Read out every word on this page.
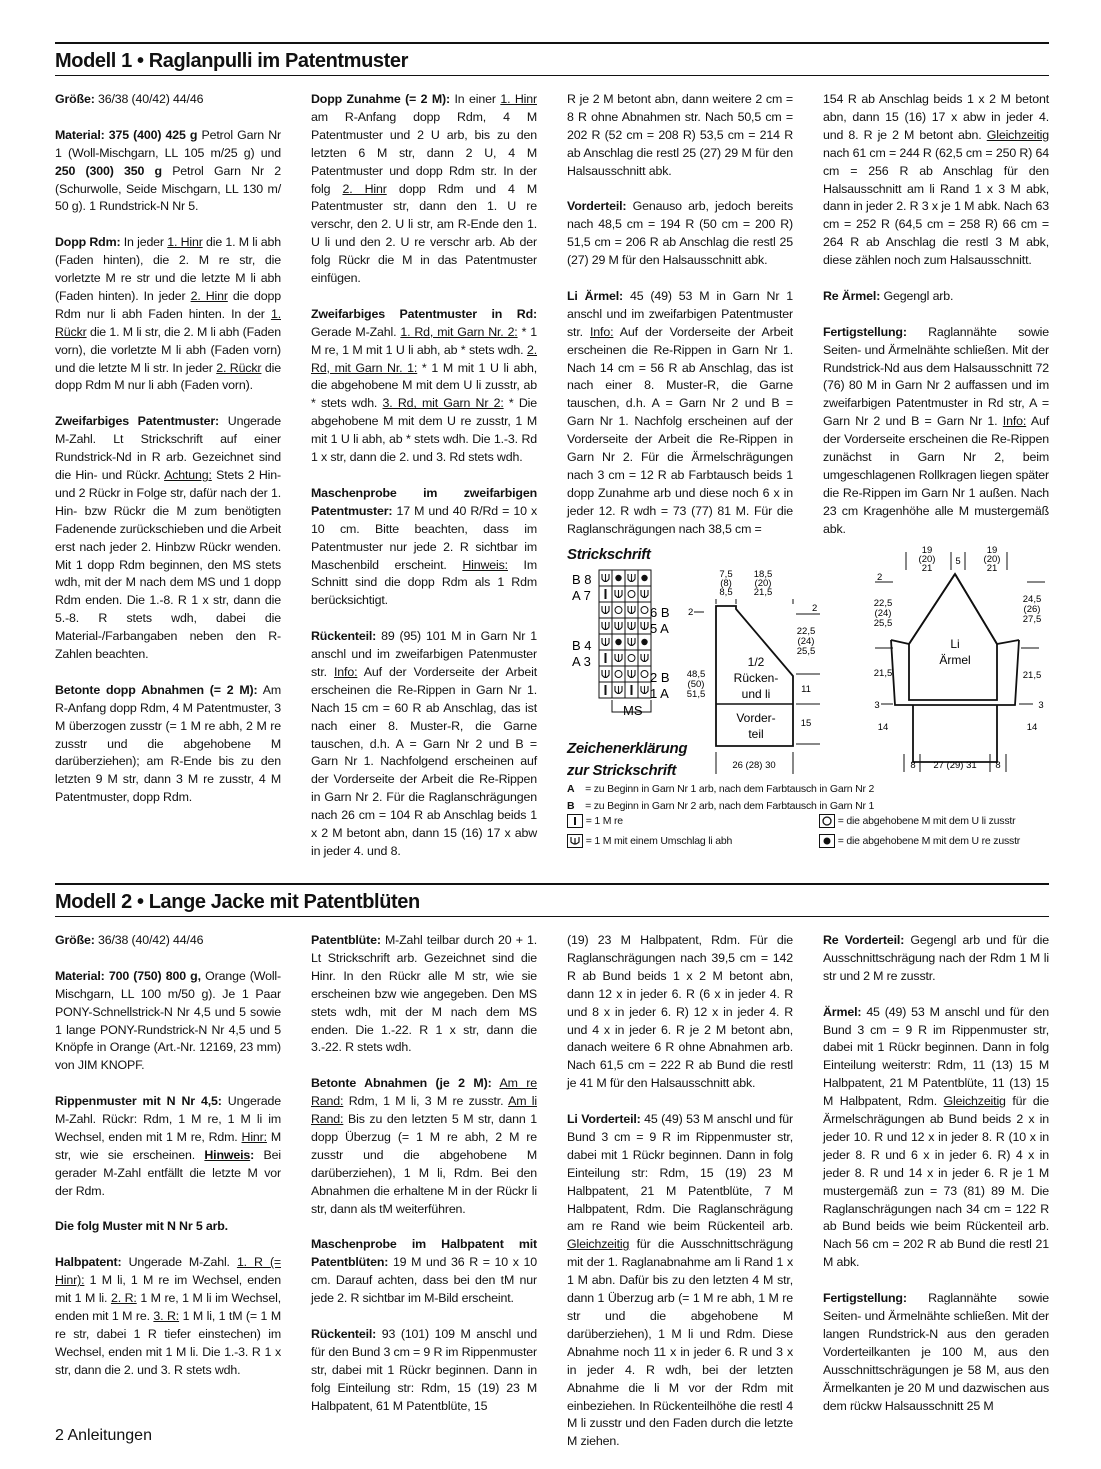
Modell 1 • Raglanpulli im Patentmuster

Größe: 36/38 (40/42) 44/46

Material: 375 (400) 425 g Petrol Garn Nr 1 (Woll-Mischgarn, LL 105 m/25 g) und 250 (300) 350 g Petrol Garn Nr 2 (Schurwolle, Seide Mischgarn, LL 130 m/ 50 g). 1 Rundstrick-N Nr 5.

Dopp Rdm: In jeder 1. Hinr die 1. M li abh (Faden hinten), die 2. M re str, die vorletzte M re str und die letzte M li abh (Faden hinten). In jeder 2. Hinr die dopp Rdm nur li abh Faden hinten. In der 1. Rückr die 1. M li str, die 2. M li abh (Faden vorn), die vorletzte M li abh (Faden vorn) und die letzte M li str. In jeder 2. Rückr die dopp Rdm M nur li abh (Faden vorn).

Zweifarbiges Patentmuster: Ungerade M-Zahl. Lt Strickschrift auf einer Rundstrick-Nd in R arb. Gezeichnet sind die Hin- und Rückr. Achtung: Stets 2 Hin- und 2 Rückr in Folge str, dafür nach der 1. Hin- bzw Rückr die M zum benötigten Fadenende zurückschieben und die Arbeit erst nach jeder 2. Hinbzw Rückr wenden. Mit 1 dopp Rdm beginnen, den MS stets wdh, mit der M nach dem MS und 1 dopp Rdm enden. Die 1.-8. R 1 x str, dann die 5.-8. R stets wdh, dabei die Material-/Farbangaben neben den R-Zahlen beachten.

Betonte dopp Abnahmen (= 2 M): Am R-Anfang dopp Rdm, 4 M Patentmuster, 3 M überzogen zusstr (= 1 M re abh, 2 M re zusstr und die abgehobene M darüberziehen); am R-Ende bis zu den letzten 9 M str, dann 3 M re zusstr, 4 M Patentmuster, dopp Rdm.

Dopp Zunahme (= 2 M): In einer 1. Hinr am R-Anfang dopp Rdm, 4 M Patentmuster und 2 U arb, bis zu den letzten 6 M str, dann 2 U, 4 M Patentmuster und dopp Rdm str. In der folg 2. Hinr dopp Rdm und 4 M Patentmuster str, dann den 1. U re verschr, den 2. U li str, am R-Ende den 1. U li und den 2. U re verschr arb. Ab der folg Rückr die M in das Patentmuster einfügen.

Zweifarbiges Patentmuster in Rd: Gerade M-Zahl. 1. Rd, mit Garn Nr. 2: * 1 M re, 1 M mit 1 U li abh, ab * stets wdh. 2. Rd, mit Garn Nr. 1: * 1 M mit 1 U li abh, die abgehobene M mit dem U li zusstr, ab * stets wdh. 3. Rd, mit Garn Nr 2: * Die abgehobene M mit dem U re zusstr, 1 M mit 1 U li abh, ab * stets wdh. Die 1.-3. Rd 1 x str, dann die 2. und 3. Rd stets wdh.

Maschenprobe im zweifarbigen Patentmuster: 17 M und 40 R/Rd = 10 x 10 cm. Bitte beachten, dass im Patentmuster nur jede 2. R sichtbar im Maschenbild erscheint. Hinweis: Im Schnitt sind die dopp Rdm als 1 Rdm berücksichtigt.

Rückenteil: 89 (95) 101 M in Garn Nr 1 anschl und im zweifarbigen Patenmuster str. Info: Auf der Vorderseite der Arbeit erscheinen die Re-Rippen in Garn Nr 1. Nach 15 cm = 60 R ab Anschlag, das ist nach einer 8. Muster-R, die Garne tauschen, d.h. A = Garn Nr 2 und B = Garn Nr 1. Nachfolgend erscheinen auf der Vorderseite der Arbeit die Re-Rippen in Garn Nr 2. Für die Raglanschrägungen nach 26 cm = 104 R ab Anschlag beids 1 x 2 M betont abn, dann 15 (16) 17 x abw in jeder 4. und 8.

R je 2 M betont abn, dann weitere 2 cm = 8 R ohne Abnahmen str. Nach 50,5 cm = 202 R (52 cm = 208 R) 53,5 cm = 214 R ab Anschlag die restl 25 (27) 29 M für den Halsausschnitt abk.

Vorderteil: Genauso arb, jedoch bereits nach 48,5 cm = 194 R (50 cm = 200 R) 51,5 cm = 206 R ab Anschlag die restl 25 (27) 29 M für den Halsausschnitt abk.

Li Ärmel: 45 (49) 53 M in Garn Nr 1 anschl und im zweifarbigen Patentmuster str. Info: Auf der Vorderseite der Arbeit erscheinen die Re-Rippen in Garn Nr 1. Nach 14 cm = 56 R ab Anschlag, das ist nach einer 8. Muster-R, die Garne tauschen, d.h. A = Garn Nr 2 und B = Garn Nr 1. Nachfolg erscheinen auf der Vorderseite der Arbeit die Re-Rippen in Garn Nr 2. Für die Ärmelschrägungen nach 3 cm = 12 R ab Farbtausch beids 1 dopp Zunahme arb und diese noch 6 x in jeder 12. R wdh = 73 (77) 81 M. Für die Raglanschrägungen nach 38,5 cm =

154 R ab Anschlag beids 1 x 2 M betont abn, dann 15 (16) 17 x abw in jeder 4. und 8. R je 2 M betont abn. Gleichzeitig nach 61 cm = 244 R (62,5 cm = 250 R) 64 cm = 256 R ab Anschlag für den Halsausschnitt am li Rand 1 x 3 M abk, dann in jeder 2. R 3 x je 1 M abk. Nach 63 cm = 252 R (64,5 cm = 258 R) 66 cm = 264 R ab Anschlag die restl 3 M abk, diese zählen noch zum Halsausschnitt.

Re Ärmel: Gegengl arb.

Fertigstellung: Raglannähte sowie Seiten- und Ärmelnähte schließen. Mit der Rundstrick-Nd aus dem Halsausschnitt 72 (76) 80 M in Garn Nr 2 auffassen und im zweifarbigen Patentmuster in Rd str, A = Garn Nr 2 und B = Garn Nr 1. Info: Auf der Vorderseite erscheinen die Re-Rippen zunächst in Garn Nr 2, beim umgeschlagenen Rollkragen liegen später die Re-Rippen im Garn Nr 1 außen. Nach 23 cm Kragenhöhe alle M mustergemäß abk.

Strickschrift
B 8
A 7
B 4
A 3
6 B
5 A
2 B
1 A
MS
Zeichenerklärung
zur Strickschrift
A = zu Beginn in Garn Nr 1 arb, nach dem Farbtausch in Garn Nr 2
B = zu Beginn in Garn Nr 2 arb, nach dem Farbtausch in Garn Nr 1
= 1 M re
= 1 M mit einem Umschlag li abh
= die abgehobene M mit dem U li zusstr
= die abgehobene M mit dem U re zusstr
7,5
(8)
8,5
18,5
(20)
21,5
2	2
22,5
(24)
25,5
11
15
48,5
(50)
51,5
1/2
Rücken-
und li
Vorder-
teil
26 (28) 30
19
(20)
21
5
19
(20)
21
2
22,5
(24)
25,5
21,5
3
14
24,5
(26)
27,5
21,5
3
14
Li
Ärmel
8 27 (29) 31 8
Modell 2 • Lange Jacke mit Patentblüten

Größe: 36/38 (40/42) 44/46

Material: 700 (750) 800 g, Orange (Woll-Mischgarn, LL 100 m/50 g). Je 1 Paar PONY-Schnellstrick-N Nr 4,5 und 5 sowie 1 lange PONY-Rundstrick-N Nr 4,5 und 5 Knöpfe in Orange (Art.-Nr. 12169, 23 mm) von JIM KNOPF.

Rippenmuster mit N Nr 4,5: Ungerade M-Zahl. Rückr: Rdm, 1 M re, 1 M li im Wechsel, enden mit 1 M re, Rdm. Hinr: M str, wie sie erscheinen. Hinweis: Bei gerader M-Zahl entfällt die letzte M vor der Rdm.

Die folg Muster mit N Nr 5 arb.

Halbpatent: Ungerade M-Zahl. 1. R (= Hinr): 1 M li, 1 M re im Wechsel, enden mit 1 M li. 2. R: 1 M re, 1 M li im Wechsel, enden mit 1 M re. 3. R: 1 M li, 1 tM (= 1 M re str, dabei 1 R tiefer einstechen) im Wechsel, enden mit 1 M li. Die 1.-3. R 1 x str, dann die 2. und 3. R stets wdh.

Patentblüte: M-Zahl teilbar durch 20 + 1. Lt Strickschrift arb. Gezeichnet sind die Hinr. In den Rückr alle M str, wie sie erscheinen bzw wie angegeben. Den MS stets wdh, mit der M nach dem MS enden. Die 1.-22. R 1 x str, dann die 3.-22. R stets wdh.

Betonte Abnahmen (je 2 M): Am re Rand: Rdm, 1 M li, 3 M re zusstr. Am li Rand: Bis zu den letzten 5 M str, dann 1 dopp Überzug (= 1 M re abh, 2 M re zusstr und die abgehobene M darüberziehen), 1 M li, Rdm. Bei den Abnahmen die erhaltene M in der Rückr li str, dann als tM weiterführen.

Maschenprobe im Halbpatent mit Patentblüten: 19 M und 36 R = 10 x 10 cm. Darauf achten, dass bei den tM nur jede 2. R sichtbar im M-Bild erscheint.

Rückenteil: 93 (101) 109 M anschl und für den Bund 3 cm = 9 R im Rippenmuster str, dabei mit 1 Rückr beginnen. Dann in folg Einteilung str: Rdm, 15 (19) 23 M Halbpatent, 61 M Patentblüte, 15

(19) 23 M Halbpatent, Rdm. Für die Raglanschrägungen nach 39,5 cm = 142 R ab Bund beids 1 x 2 M betont abn, dann 12 x in jeder 6. R (6 x in jeder 4. R und 8 x in jeder 6. R) 12 x in jeder 4. R und 4 x in jeder 6. R je 2 M betont abn, danach weitere 6 R ohne Abnahmen arb. Nach 61,5 cm = 222 R ab Bund die restl je 41 M für den Halsausschnitt abk.

Li Vorderteil: 45 (49) 53 M anschl und für Bund 3 cm = 9 R im Rippenmuster str, dabei mit 1 Rückr beginnen. Dann in folg Einteilung str: Rdm, 15 (19) 23 M Halbpatent, 21 M Patentblüte, 7 M Halbpatent, Rdm. Die Raglanschrägung am re Rand wie beim Rückenteil arb. Gleichzeitig für die Ausschnittschrägung mit der 1. Raglanabnahme am li Rand 1 x 1 M abn. Dafür bis zu den letzten 4 M str, dann 1 Überzug arb (= 1 M re abh, 1 M re str und die abgehobene M darüberziehen), 1 M li und Rdm. Diese Abnahme noch 11 x in jeder 6. R und 3 x in jeder 4. R wdh, bei der letzten Abnahme die li M vor der Rdm mit einbeziehen. In Rückenteilhöhe die restl 4 M li zusstr und den Faden durch die letzte M ziehen.

Re Vorderteil: Gegengl arb und für die Ausschnittschrägung nach der Rdm 1 M li str und 2 M re zusstr.

Ärmel: 45 (49) 53 M anschl und für den Bund 3 cm = 9 R im Rippenmuster str, dabei mit 1 Rückr beginnen. Dann in folg Einteilung weiterstr: Rdm, 11 (13) 15 M Halbpatent, 21 M Patentblüte, 11 (13) 15 M Halbpatent, Rdm. Gleichzeitig für die Ärmelschrägungen ab Bund beids 2 x in jeder 10. R und 12 x in jeder 8. R (10 x in jeder 8. R und 6 x in jeder 6. R) 4 x in jeder 8. R und 14 x in jeder 6. R je 1 M mustergemäß zun = 73 (81) 89 M. Die Raglanschrägungen nach 34 cm = 122 R ab Bund beids wie beim Rückenteil arb. Nach 56 cm = 202 R ab Bund die restl 21 M abk.

Fertigstellung: Raglannähte sowie Seiten- und Ärmelnähte schließen. Mit der langen Rundstrick-N aus den geraden Vorderteilkanten je 100 M, aus den Ausschnittschrägungen je 58 M, aus den Ärmelkanten je 20 M und dazwischen aus dem rückw Halsausschnitt 25 M

2 Anleitungen
